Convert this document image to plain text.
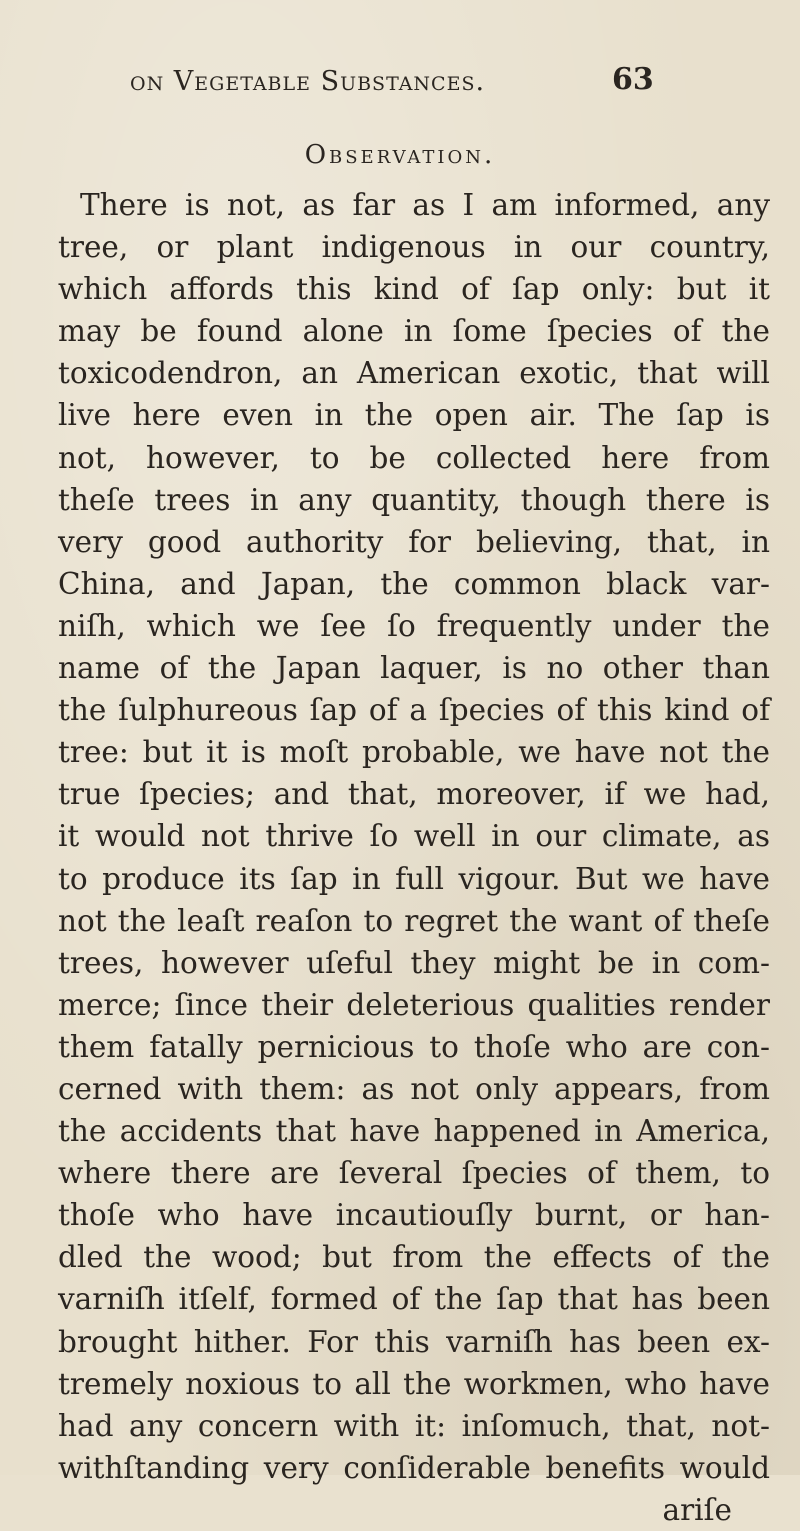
on Vegetable Substances.	63
Observation.
There is not, as far as I am informed, any
tree, or plant indigenous in our country,
which affords this kind of ſap only: but it
may be found alone in ſome ſpecies of the
toxicodendron, an American exotic, that will
live here even in the open air. The ſap is
not, however, to be collected here from
theſe trees in any quantity, though there is
very good authority for believing, that, in
China, and Japan, the common black var-
niſh, which we ſee ſo frequently under the
name of the Japan laquer, is no other than
the ſulphureous ſap of a ſpecies of this kind of
tree: but it is moſt probable, we have not the
true ſpecies; and that, moreover, if we had,
it would not thrive ſo well in our climate, as
to produce its ſap in full vigour. But we have
not the leaſt reaſon to regret the want of theſe
trees, however uſeful they might be in com-
merce; ſince their deleterious qualities render
them fatally pernicious to thoſe who are con-
cerned with them: as not only appears, from
the accidents that have happened in America,
where there are ſeveral ſpecies of them, to
thoſe who have incautiouſly burnt, or han-
dled the wood; but from the effects of the
varniſh itſelf, formed of the ſap that has been
brought hither. For this varniſh has been ex-
tremely noxious to all the workmen, who have
had any concern with it: inſomuch, that, not-
withſtanding very conſiderable benefits would
ariſe
